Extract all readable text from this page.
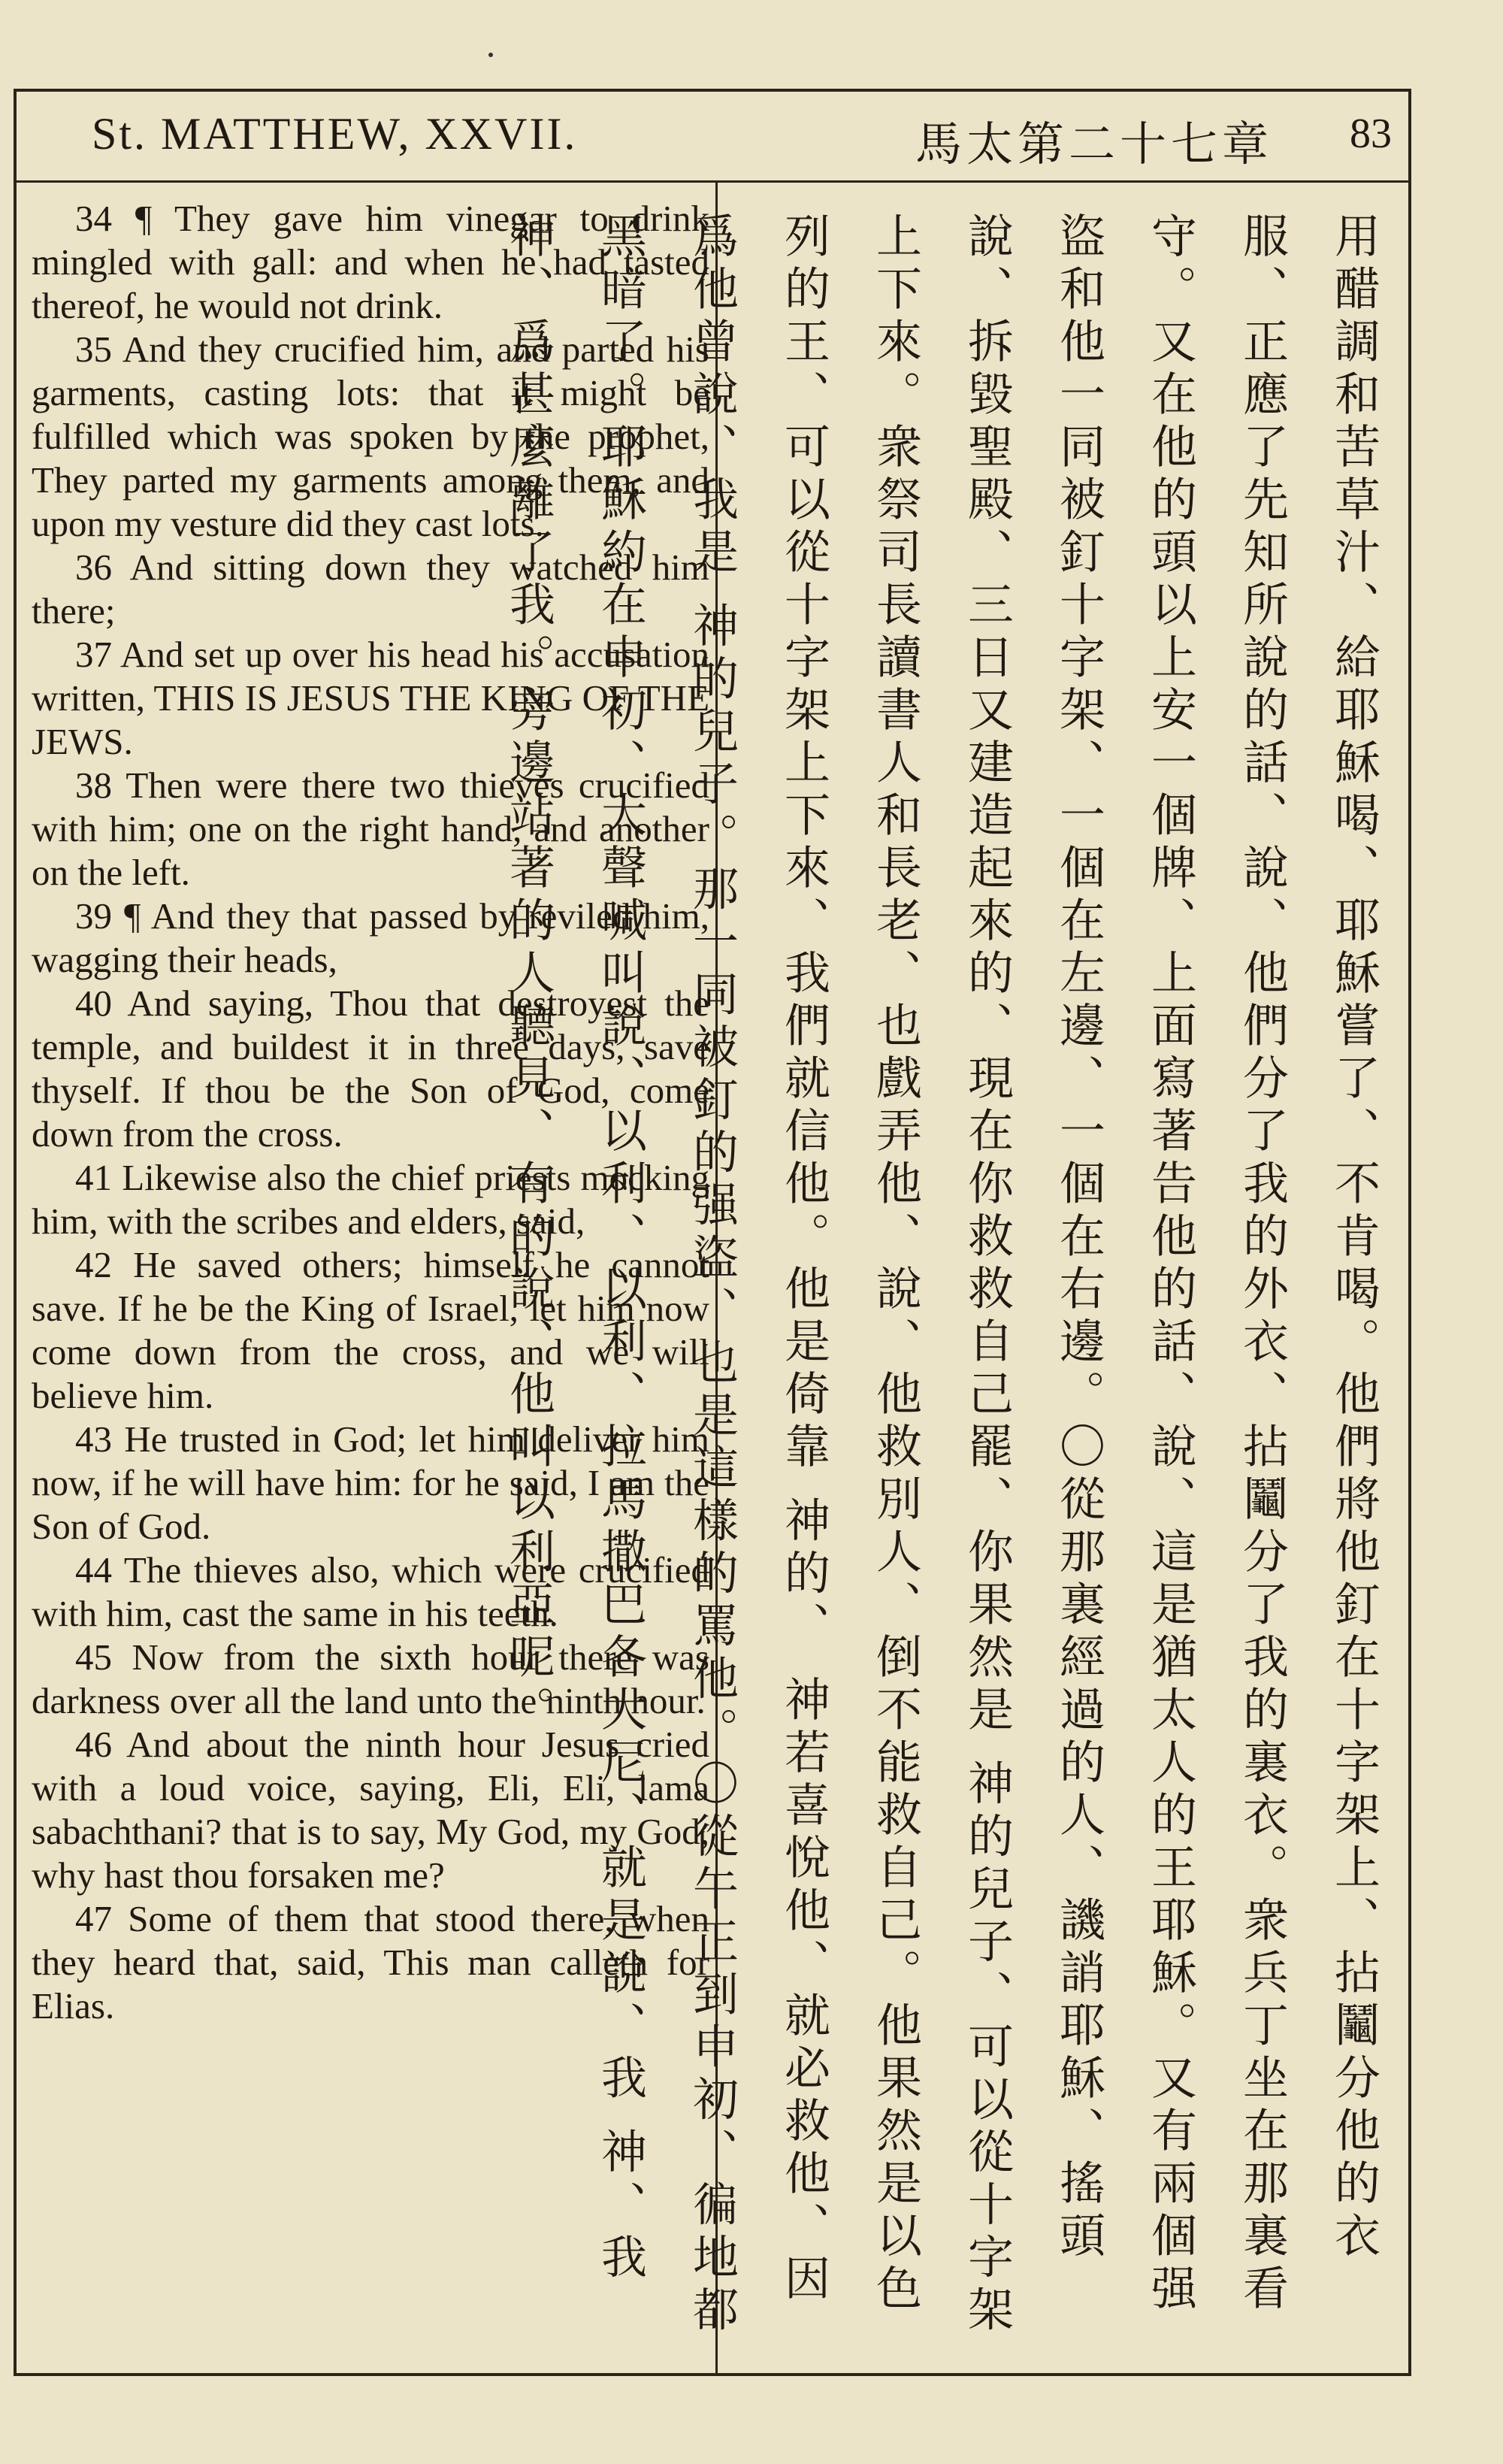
St. MATTHEW, XXVII.	馬太第二十七章 83

34 ¶ They gave him vinegar to drink mingled with gall: and when he had tasted thereof, he would not drink.

35 And they crucified him, and parted his garments, casting lots: that it might be fulfilled which was spoken by the prophet, They parted my garments among them, and upon my vesture did they cast lots.

36 And sitting down they watched him there;

37 And set up over his head his accusation written, THIS IS JESUS THE KING OF THE JEWS.

38 Then were there two thieves crucified with him; one on the right hand, and another on the left.

39 ¶ And they that passed by reviled him, wagging their heads,

40 And saying, Thou that destroyest the temple, and buildest it in three days, save thyself. If thou be the Son of God, come down from the cross.

41 Likewise also the chief priests mocking him, with the scribes and elders, said,

42 He saved others; himself he cannot save. If he be the King of Israel, let him now come down from the cross, and we will believe him.

43 He trusted in God; let him deliver him now, if he will have him: for he said, I am the Son of God.

44 The thieves also, which were crucified with him, cast the same in his teeth.

45 Now from the sixth hour there was darkness over all the land unto the ninth hour.

46 And about the ninth hour Jesus cried with a loud voice, saying, Eli, Eli, lama sabachthani? that is to say, My God, my God, why hast thou forsaken me?

47 Some of them that stood there, when they heard that, said, This man calleth for Elias.	用醋調和苦草汁、給耶穌喝、耶穌嘗了、不肯喝。他們將他釘在十字架上、拈鬮分他的衣服、正應了先知所說的話、說、他們分了我的外衣、拈鬮分了我的裏衣。衆兵丁坐在那裏看守。又在他的頭以上安一個牌、上面寫著告他的話、說、這是猶太人的王耶穌。又有兩個强盜和他一同被釘十字架、一個在左邊、一個在右邊。〇從那裏經過的人、譏誚耶穌、搖頭說、拆毀聖殿、三日又建造起來的、現在你救救自己罷、你果然是 神的兒子、可以從十字架上下來。衆祭司長讀書人和長老、也戲弄他、說、他救別人、倒不能救自己。他果然是以色列的王、可以從十字架上下來、我們就信他。他是倚靠 神的、 神若喜悅他、就必救他、因爲他曾說、我是 神的兒子。那一同被釘的强盜、也是這樣的罵他。〇從午正到申初、徧地都黑暗了。耶穌約在申初、大聲喊叫說、以利、以利、拉馬撒巴各大尼、就是說、我 神、我 神、爲甚麼離了我。旁邊站著的人聽見、有的說、他叫以利亞呢。
